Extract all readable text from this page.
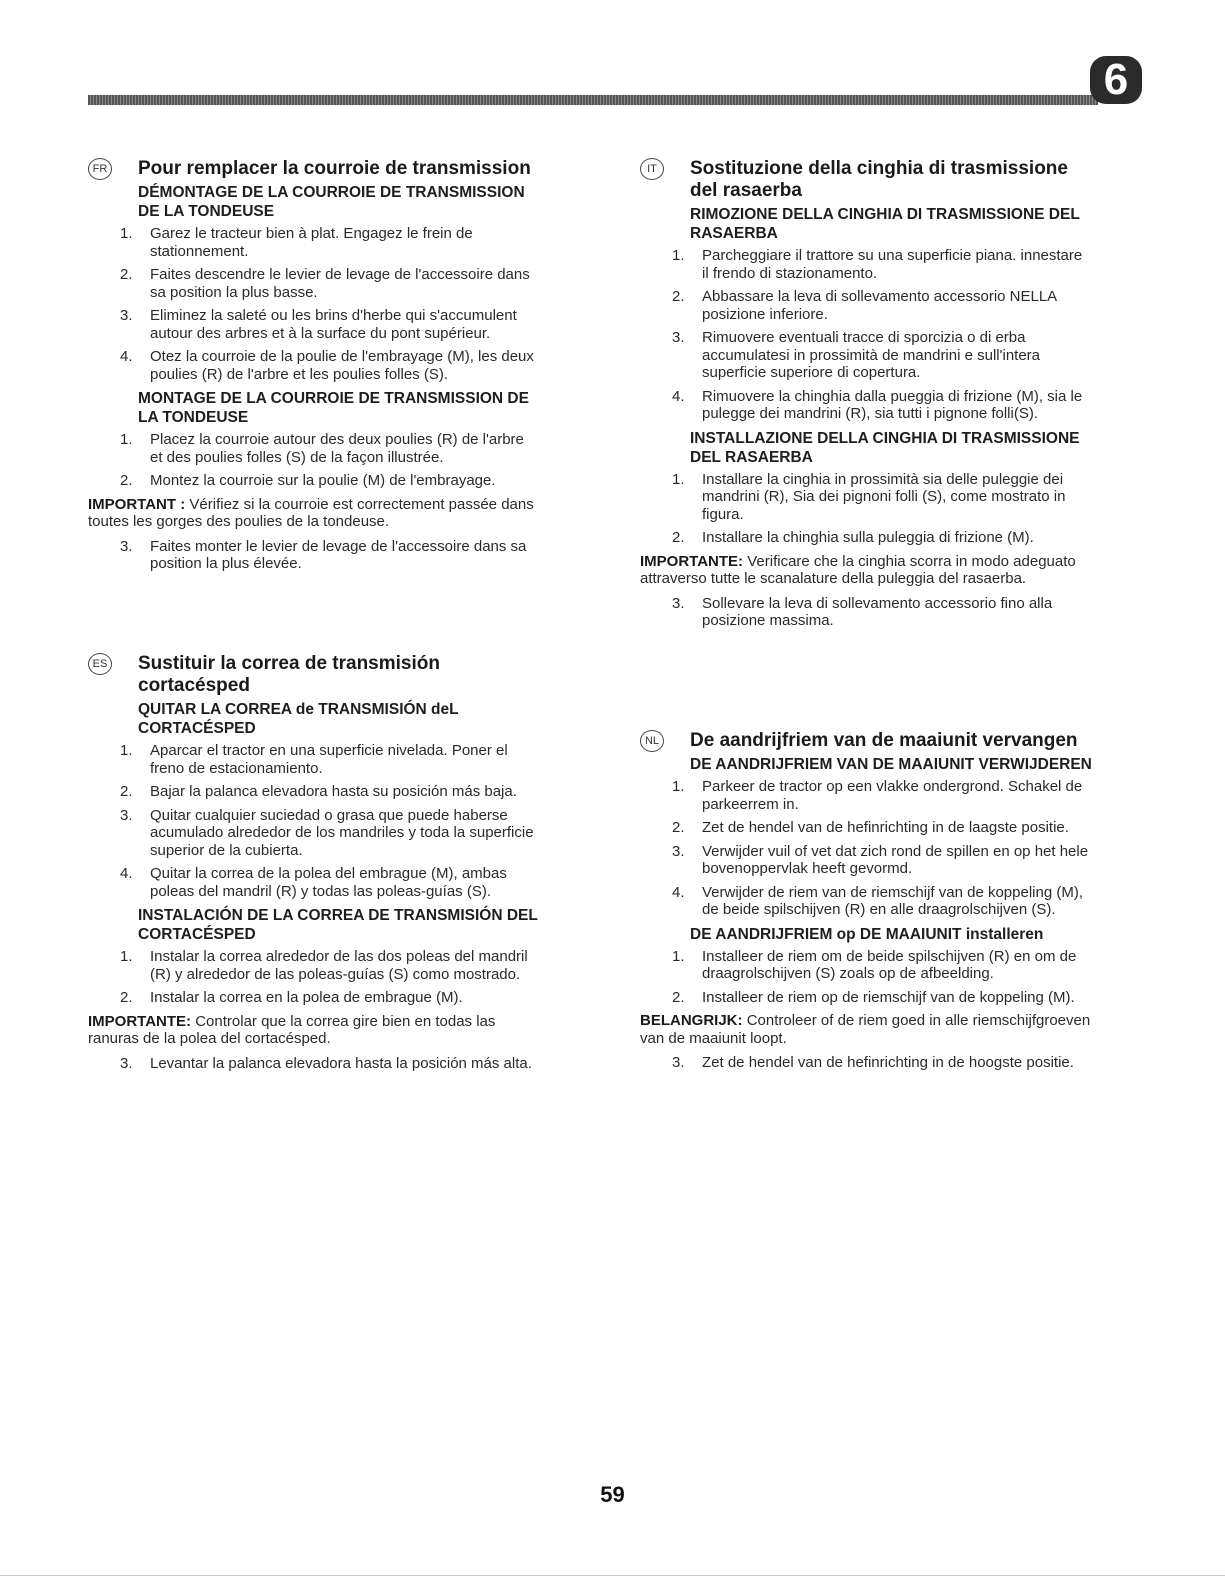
6
FR Pour remplacer la courroie de transmission
DÉMONTAGE DE LA COURROIE DE TRANSMISSION DE LA TONDEUSE
1. Garez le tracteur bien à plat. Engagez le frein de stationnement.
2. Faites descendre le levier de levage de l'accessoire dans sa position la plus basse.
3. Eliminez la saleté ou les brins d'herbe qui s'accumulent autour des arbres et à la surface du pont supérieur.
4. Otez la courroie de la poulie de l'embrayage (M), les deux poulies (R) de l'arbre et les poulies folles (S).
MONTAGE DE LA COURROIE DE TRANSMISSION DE LA TONDEUSE
1. Placez la courroie autour des deux poulies (R) de l'arbre et des poulies folles (S) de la façon illustrée.
2. Montez la courroie sur la poulie (M) de l'embrayage.

IMPORTANT : Vérifiez si la courroie est correctement passée dans toutes les gorges des poulies de la tondeuse.

3. Faites monter le levier de levage de l'accessoire dans sa position la plus élevée.
ES Sustituir la correa de transmisión cortacésped
QUITAR LA CORREA de TRANSMISIÓN deL CORTACÉSPED
1. Aparcar el tractor en una superficie nivelada. Poner el freno de estacionamiento.
2. Bajar la palanca elevadora hasta su posición más baja.
3. Quitar cualquier suciedad o grasa que puede haberse acumulado alrededor de los mandriles y toda la superficie superior de la cubierta.
4. Quitar la correa de la polea del embrague (M), ambas poleas del mandril (R) y todas las poleas-guías (S).
INSTALACIÓN DE LA CORREA DE TRANSMISIÓN DEL CORTACÉSPED
1. Instalar la correa alrededor de las dos poleas del mandril (R) y alrededor de las poleas-guías (S) como mostrado.
2. Instalar la correa en la polea de embrague (M).

IMPORTANTE: Controlar que la correa gire bien en todas las ranuras de la polea del cortacésped.

3. Levantar la palanca elevadora hasta la posición más alta.
IT	Sostituzione della cinghia di trasmissione del rasaerba
RIMOZIONE DELLA CINGHIA DI TRASMISSIONE DEL RASAERBA
1. Parcheggiare il trattore su una superficie piana. innestare il frendo di stazionamento.
2. Abbassare la leva di sollevamento accessorio NELLA posizione inferiore.
3. Rimuovere eventuali tracce di sporcizia o di erba accumulatesi in prossimità de mandrini e sull'intera superficie superiore di copertura.
4. Rimuovere la chinghia dalla pueggia di frizione (M), sia le pulegge dei mandrini (R), sia tutti i pignone folli(S).
INSTALLAZIONE DELLA CINGHIA DI TRASMISSIONE DEL RASAERBA
1. Installare la cinghia in prossimità sia delle puleggie dei mandrini (R), Sia dei pignoni folli (S), come mostrato in figura.
2. Installare la chinghia sulla puleggia di frizione (M).

IMPORTANTE: Verificare che la cinghia scorra in modo adeguato attraverso tutte le scanalature della puleggia del rasaerba.

3. Sollevare la leva di sollevamento accessorio fino alla posizione massima.
NL De aandrijfriem van de maaiunit vervangen
DE AANDRIJFRIEM VAN DE MAAIUNIT VERWIJDEREN
1. Parkeer de tractor op een vlakke ondergrond. Schakel de parkeerrem in.
2. Zet de hendel van de hefinrichting in de laagste positie.
3. Verwijder vuil of vet dat zich rond de spillen en op het hele bovenoppervlak heeft gevormd.
4. Verwijder de riem van de riemschijf van de koppeling (M), de beide spilschijven (R) en alle draagrolschijven (S).
DE AANDRIJFRIEM op DE MAAIUNIT installeren
1. Installeer de riem om de beide spilschijven (R) en om de draagrolschijven (S) zoals op de afbeelding.
2. Installeer de riem op de riemschijf van de koppeling (M).

BELANGRIJK: Controleer of de riem goed in alle riemschijfgroeven van de maaiunit loopt.

3. Zet de hendel van de hefinrichting in de hoogste positie.
59
